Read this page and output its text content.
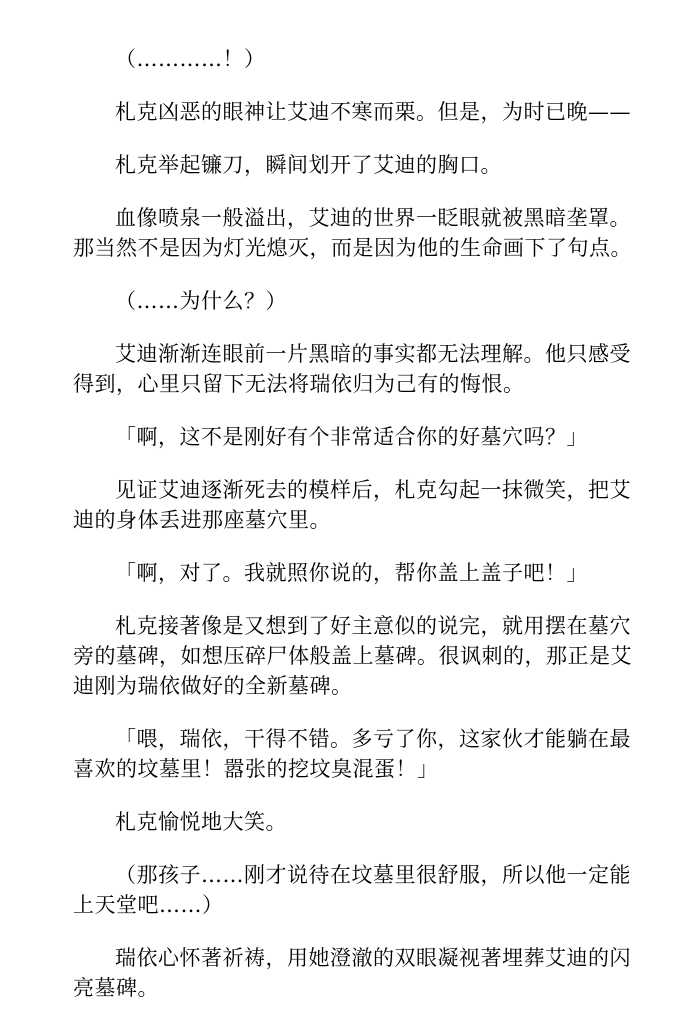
（…………！）

札克凶恶的眼神让艾迪不寒而栗。但是，为时已晚——

札克举起镰刀，瞬间划开了艾迪的胸口。

血像喷泉一般溢出，艾迪的世界一眨眼就被黑暗垄罩。那当然不是因为灯光熄灭，而是因为他的生命画下了句点。

（……为什么？）

艾迪渐渐连眼前一片黑暗的事实都无法理解。他只感受得到，心里只留下无法将瑞依归为己有的悔恨。

「啊，这不是刚好有个非常适合你的好墓穴吗？」

见证艾迪逐渐死去的模样后，札克勾起一抹微笑，把艾迪的身体丢进那座墓穴里。

「啊，对了。我就照你说的，帮你盖上盖子吧！」

札克接著像是又想到了好主意似的说完，就用摆在墓穴旁的墓碑，如想压碎尸体般盖上墓碑。很讽刺的，那正是艾迪刚为瑞依做好的全新墓碑。

「喂，瑞依，干得不错。多亏了你，这家伙才能躺在最喜欢的坟墓里！嚣张的挖坟臭混蛋！」

札克愉悦地大笑。

（那孩子……刚才说待在坟墓里很舒服，所以他一定能上天堂吧……）

瑞依心怀著祈祷，用她澄澈的双眼凝视著埋葬艾迪的闪亮墓碑。
